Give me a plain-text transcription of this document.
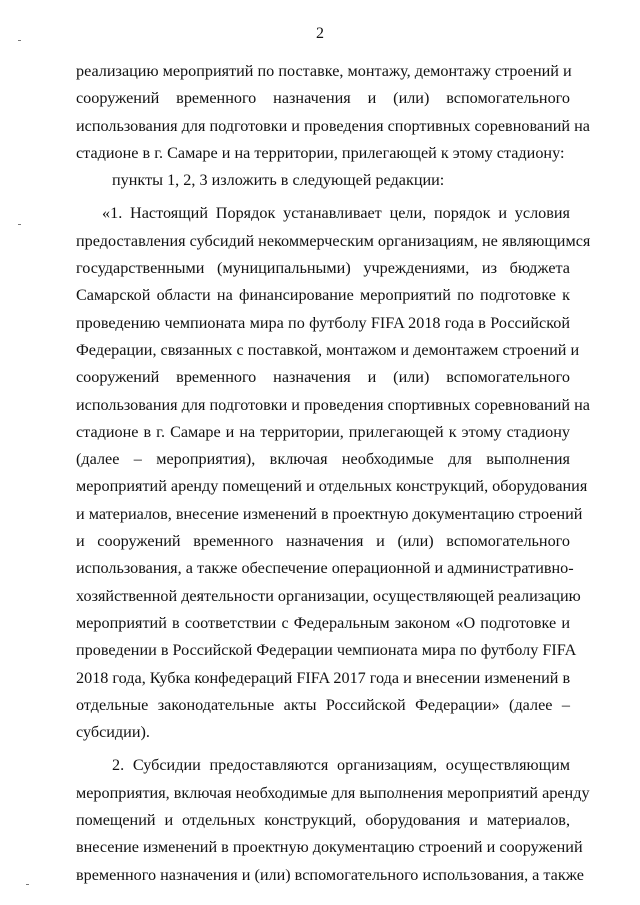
2
реализацию мероприятий по поставке, монтажу, демонтажу строений и
сооружений временного назначения и (или) вспомогательного
использования для подготовки и проведения спортивных соревнований на
стадионе в г. Самаре и на территории, прилегающей к этому стадиону:
пункты 1, 2, 3 изложить в следующей редакции:
«1. Настоящий Порядок устанавливает цели, порядок и условия
предоставления субсидий некоммерческим организациям, не являющимся
государственными (муниципальными) учреждениями, из бюджета
Самарской области на финансирование мероприятий по подготовке к
проведению чемпионата мира по футболу FIFA 2018 года в Российской
Федерации, связанных с поставкой, монтажом и демонтажем строений и
сооружений временного назначения и (или) вспомогательного
использования для подготовки и проведения спортивных соревнований на
стадионе в г. Самаре и на территории, прилегающей к этому стадиону
(далее – мероприятия), включая необходимые для выполнения
мероприятий аренду помещений и отдельных конструкций, оборудования
и материалов, внесение изменений в проектную документацию строений
и сооружений временного назначения и (или) вспомогательного
использования, а также обеспечение операционной и административно-
хозяйственной деятельности организации, осуществляющей реализацию
мероприятий в соответствии с Федеральным законом «О подготовке и
проведении в Российской Федерации чемпионата мира по футболу FIFA
2018 года, Кубка конфедераций FIFA 2017 года и внесении изменений в
отдельные законодательные акты Российской Федерации» (далее –
субсидии).
2. Субсидии предоставляются организациям, осуществляющим
мероприятия, включая необходимые для выполнения мероприятий аренду
помещений и отдельных конструкций, оборудования и материалов,
внесение изменений в проектную документацию строений и сооружений
временного назначения и (или) вспомогательного использования, а также
